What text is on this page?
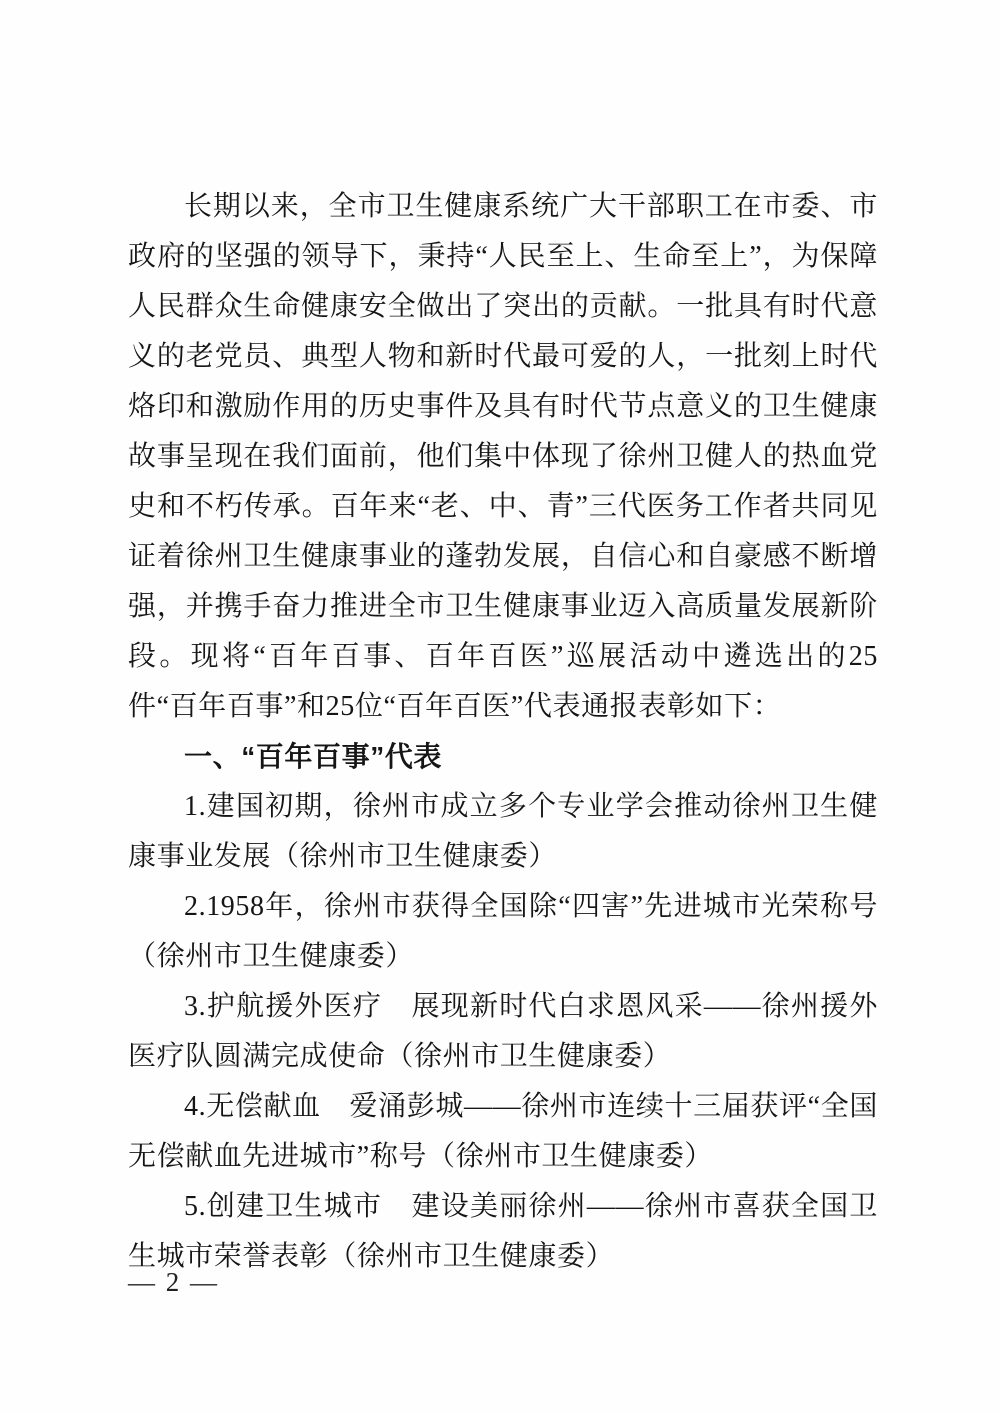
长期以来，全市卫生健康系统广大干部职工在市委、市政府的坚强的领导下，秉持“人民至上、生命至上”，为保障人民群众生命健康安全做出了突出的贡献。一批具有时代意义的老党员、典型人物和新时代最可爱的人，一批刻上时代烙印和激励作用的历史事件及具有时代节点意义的卫生健康故事呈现在我们面前，他们集中体现了徐州卫健人的热血党史和不朽传承。百年来“老、中、青”三代医务工作者共同见证着徐州卫生健康事业的蓬勃发展，自信心和自豪感不断增强，并携手奋力推进全市卫生健康事业迈入高质量发展新阶段。现将“百年百事、百年百医”巡展活动中遴选出的25件“百年百事”和25位“百年百医”代表通报表彰如下：

一、“百年百事”代表

1.建国初期，徐州市成立多个专业学会推动徐州卫生健康事业发展（徐州市卫生健康委）

2.1958年，徐州市获得全国除“四害”先进城市光荣称号（徐州市卫生健康委）

3.护航援外医疗　展现新时代白求恩风采——徐州援外医疗队圆满完成使命（徐州市卫生健康委）

4.无偿献血　爱涌彭城——徐州市连续十三届获评“全国无偿献血先进城市”称号（徐州市卫生健康委）

5.创建卫生城市　建设美丽徐州——徐州市喜获全国卫生城市荣誉表彰（徐州市卫生健康委）

— 2 —
